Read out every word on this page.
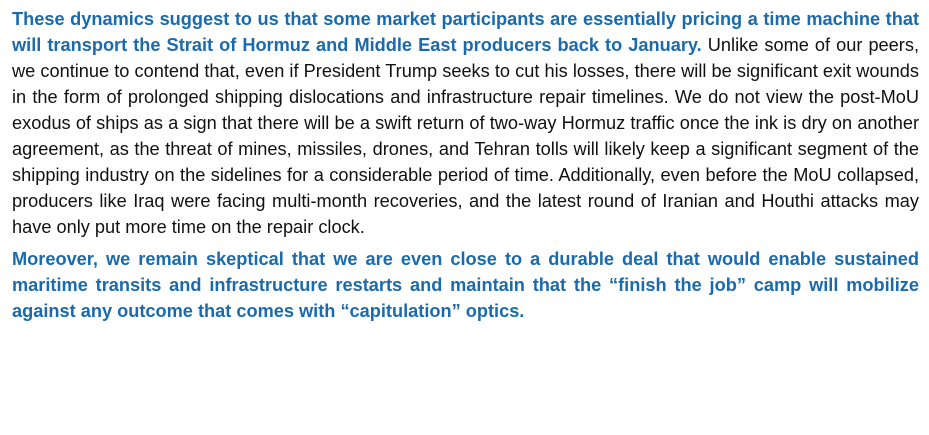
These dynamics suggest to us that some market participants are essentially pricing a time machine that will transport the Strait of Hormuz and Middle East producers back to January. Unlike some of our peers, we continue to contend that, even if President Trump seeks to cut his losses, there will be significant exit wounds in the form of prolonged shipping dislocations and infrastructure repair timelines. We do not view the post-MoU exodus of ships as a sign that there will be a swift return of two-way Hormuz traffic once the ink is dry on another agreement, as the threat of mines, missiles, drones, and Tehran tolls will likely keep a significant segment of the shipping industry on the sidelines for a considerable period of time. Additionally, even before the MoU collapsed, producers like Iraq were facing multi-month recoveries, and the latest round of Iranian and Houthi attacks may have only put more time on the repair clock.

Moreover, we remain skeptical that we are even close to a durable deal that would enable sustained maritime transits and infrastructure restarts and maintain that the “finish the job” camp will mobilize against any outcome that comes with “capitulation” optics.
